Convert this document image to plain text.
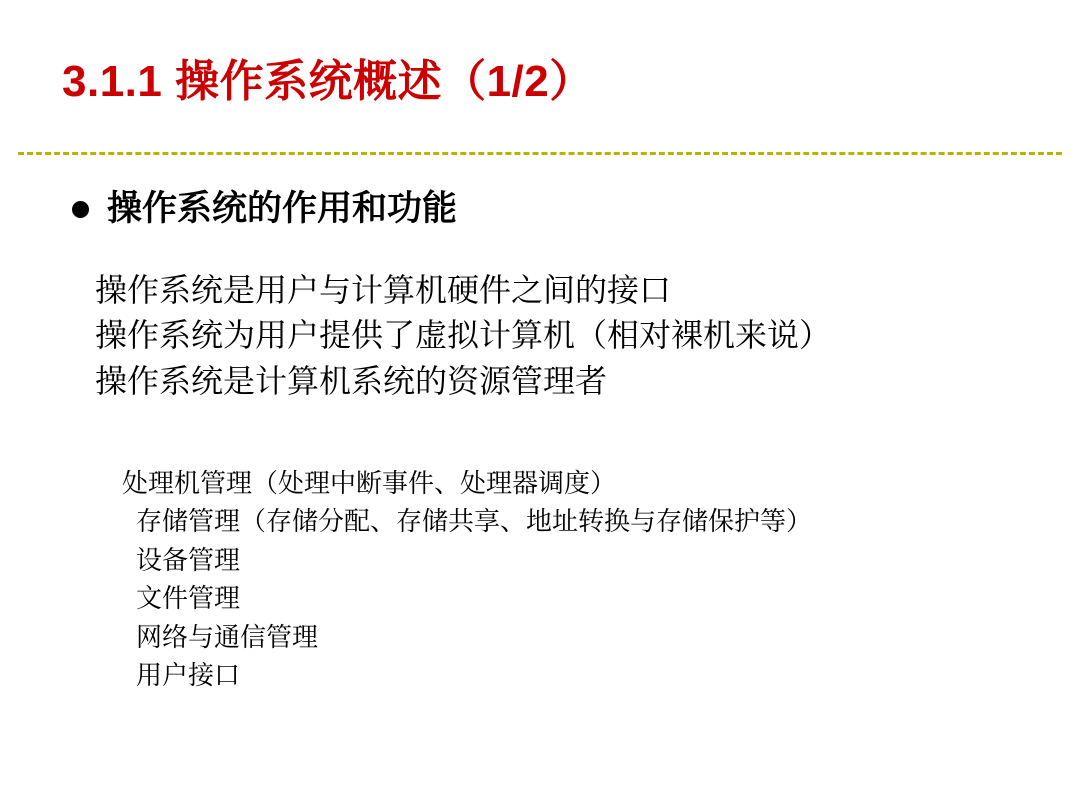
3.1.1 操作系统概述（1/2）
操作系统的作用和功能
操作系统是用户与计算机硬件之间的接口
操作系统为用户提供了虚拟计算机（相对裸机来说）
操作系统是计算机系统的资源管理者
处理机管理（处理中断事件、处理器调度）
存储管理（存储分配、存储共享、地址转换与存储保护等）
设备管理
文件管理
网络与通信管理
用户接口
